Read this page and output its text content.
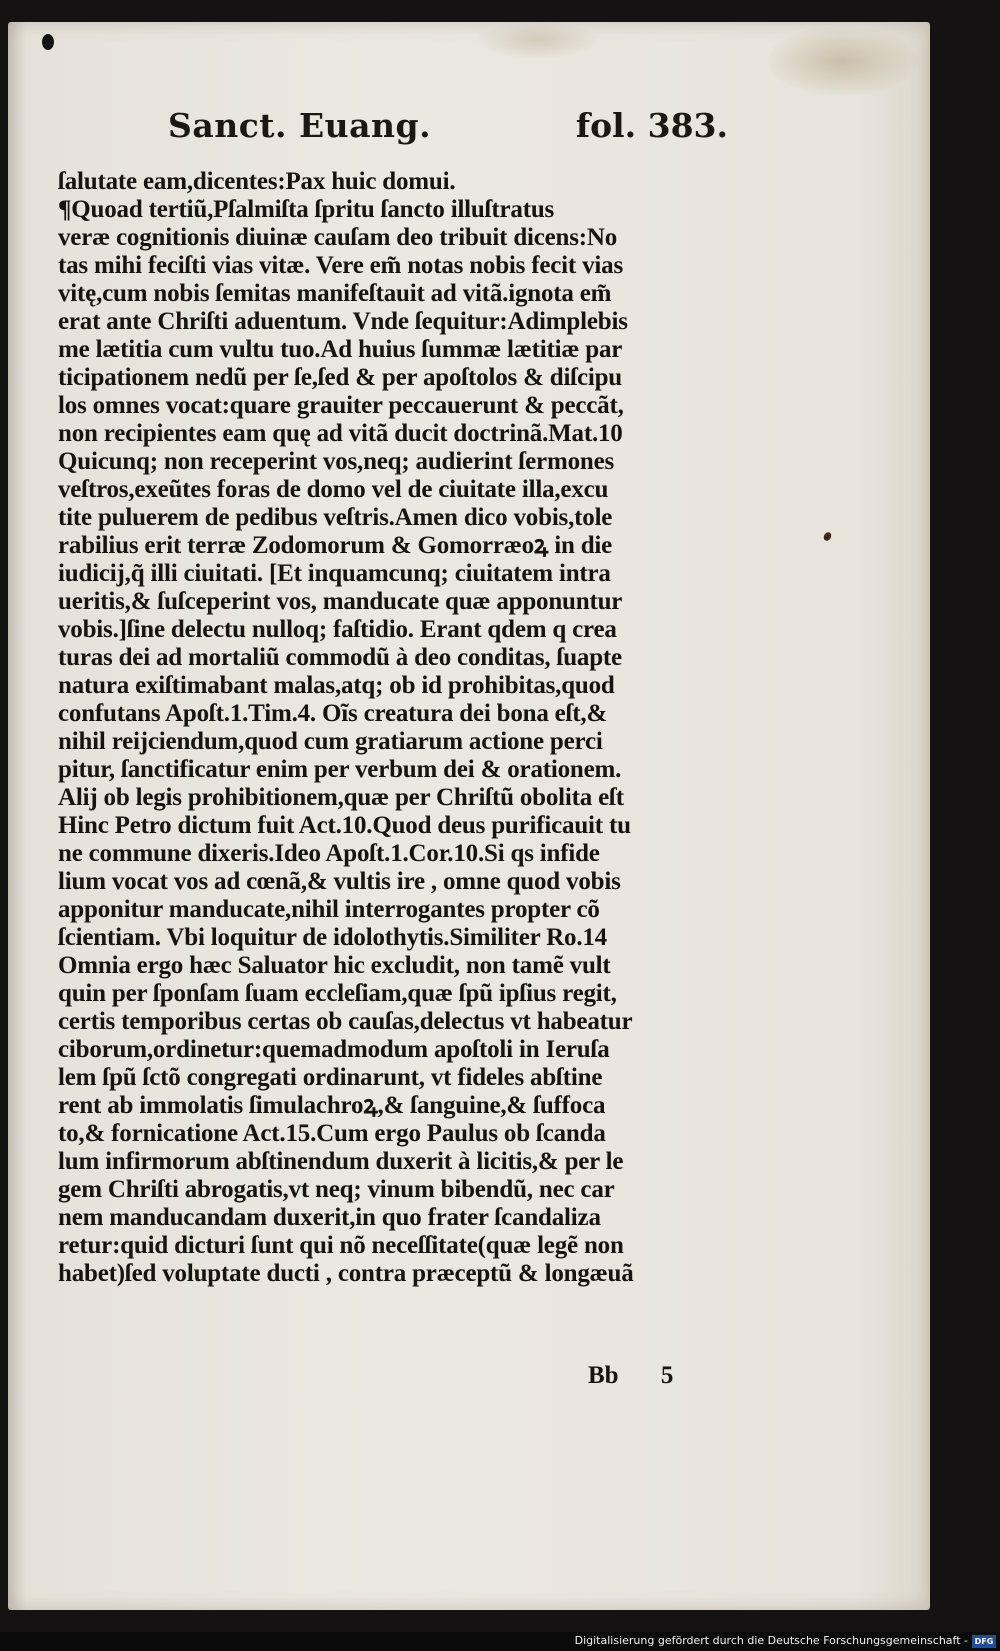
Sanct. Euang.	fol. 383.
ſalutate eam,dicentes:Pax huic domui.
¶Quoad tertiũ,Pſalmiſta ſpritu ſancto illuſtratus
veræ cognitionis diuinæ cauſam deo tribuit dicens:No
tas mihi feciſti vias vitæ. Vere em̃ notas nobis fecit vias
vitę,cum nobis ſemitas manifeſtauit ad vitã.ignota em̃
erat ante Chriſti aduentum. Vnde ſequitur:Adimplebis
me lætitia cum vultu tuo.Ad huius ſummæ lætitiæ par
ticipationem nedũ per ſe,ſed & per apoſtolos & diſcipu
los omnes vocat:quare grauiter peccauerunt & peccãt,
non recipientes eam quę ad vitã ducit doctrinã.Mat.10
Quicunq; non receperint vos,neq; audierint ſermones
veſtros,exeũtes foras de domo vel de ciuitate illa,excu
tite puluerem de pedibus veſtris.Amen dico vobis,tole
rabilius erit terræ Zodomorum & Gomorræoꝝ in die
iudicij,q̃ illi ciuitati. [Et inquamcunq; ciuitatem intra
ueritis,& ſuſceperint vos, manducate quæ apponuntur
vobis.]ſine delectu nulloq; faſtidio. Erant qdem q crea
turas dei ad mortaliũ commodũ à deo conditas, ſuapte
natura exiſtimabant malas,atq; ob id prohibitas,quod
confutans Apoſt.1.Tim.4. Oĩs creatura dei bona eſt,&
nihil reijciendum,quod cum gratiarum actione perci
pitur, ſanctificatur enim per verbum dei & orationem.
Alij ob legis prohibitionem,quæ per Chriſtũ obolita eſt
Hinc Petro dictum fuit Act.10.Quod deus purificauit tu
ne commune dixeris.Ideo Apoſt.1.Cor.10.Si qs infide
lium vocat vos ad cœnã,& vultis ire , omne quod vobis
apponitur manducate,nihil interrogantes propter cõ
ſcientiam. Vbi loquitur de idolothytis.Similiter Ro.14
Omnia ergo hæc Saluator hic excludit, non tamẽ vult
quin per ſponſam ſuam eccleſiam,quæ ſpũ ipſius regit,
certis temporibus certas ob cauſas,delectus vt habeatur
ciborum,ordinetur:quemadmodum apoſtoli in Ieruſa
lem ſpũ ſctõ congregati ordinarunt, vt fideles abſtine
rent ab immolatis ſimulachroꝝ,& ſanguine,& ſuffoca
to,& fornicatione Act.15.Cum ergo Paulus ob ſcanda
lum infirmorum abſtinendum duxerit à licitis,& per le
gem Chriſti abrogatis,vt neq; vinum bibendũ, nec car
nem manducandam duxerit,in quo frater ſcandaliza
retur:quid dicturi ſunt qui nõ neceſſitate(quæ legẽ non
habet)ſed voluptate ducti , contra præceptũ & longæuã
Bb 5
Digitalisierung gefördert durch die Deutsche Forschungsgemeinschaft - DFG
